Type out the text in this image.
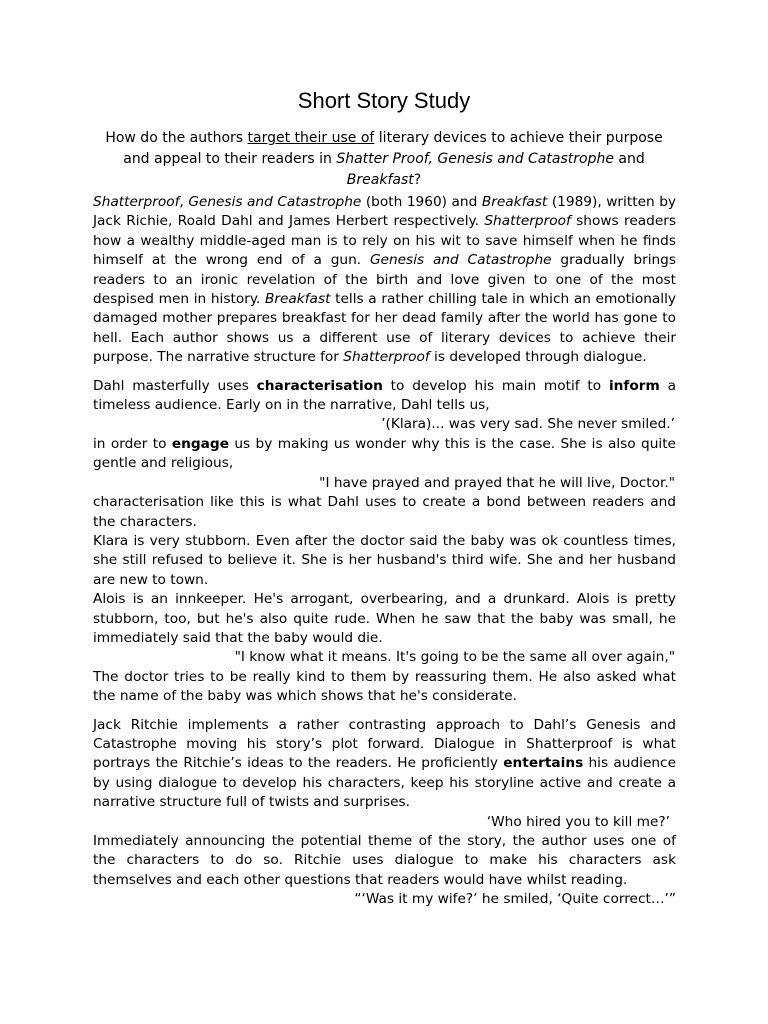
Short Story Study
How do the authors target their use of literary devices to achieve their purpose and appeal to their readers in Shatter Proof, Genesis and Catastrophe and Breakfast?

Shatterproof, Genesis and Catastrophe (both 1960) and Breakfast (1989), written by Jack Richie, Roald Dahl and James Herbert respectively. Shatterproof shows readers how a wealthy middle-aged man is to rely on his wit to save himself when he finds himself at the wrong end of a gun. Genesis and Catastrophe gradually brings readers to an ironic revelation of the birth and love given to one of the most despised men in history. Breakfast tells a rather chilling tale in which an emotionally damaged mother prepares breakfast for her dead family after the world has gone to hell. Each author shows us a different use of literary devices to achieve their purpose. The narrative structure for Shatterproof is developed through dialogue.

Dahl masterfully uses characterisation to develop his main motif to inform a timeless audience. Early on in the narrative, Dahl tells us,

’(Klara)... was very sad. She never smiled.’

in order to engage us by making us wonder why this is the case. She is also quite gentle and religious,

"I have prayed and prayed that he will live, Doctor."

characterisation like this is what Dahl uses to create a bond between readers and the characters.

Klara is very stubborn. Even after the doctor said the baby was ok countless times, she still refused to believe it. She is her husband's third wife. She and her husband are new to town.

Alois is an innkeeper. He's arrogant, overbearing, and a drunkard. Alois is pretty stubborn, too, but he's also quite rude. When he saw that the baby was small, he immediately said that the baby would die.

"I know what it means. It's going to be the same all over again,"

The doctor tries to be really kind to them by reassuring them. He also asked what the name of the baby was which shows that he's considerate.

Jack Ritchie implements a rather contrasting approach to Dahl’s Genesis and Catastrophe moving his story’s plot forward. Dialogue in Shatterproof is what portrays the Ritchie’s ideas to the readers. He proficiently entertains his audience by using dialogue to develop his characters, keep his storyline active and create a narrative structure full of twists and surprises.

‘Who hired you to kill me?’

Immediately announcing the potential theme of the story, the author uses one of the characters to do so. Ritchie uses dialogue to make his characters ask themselves and each other questions that readers would have whilst reading.

“‘Was it my wife?’ he smiled, ‘Quite correct…’”
